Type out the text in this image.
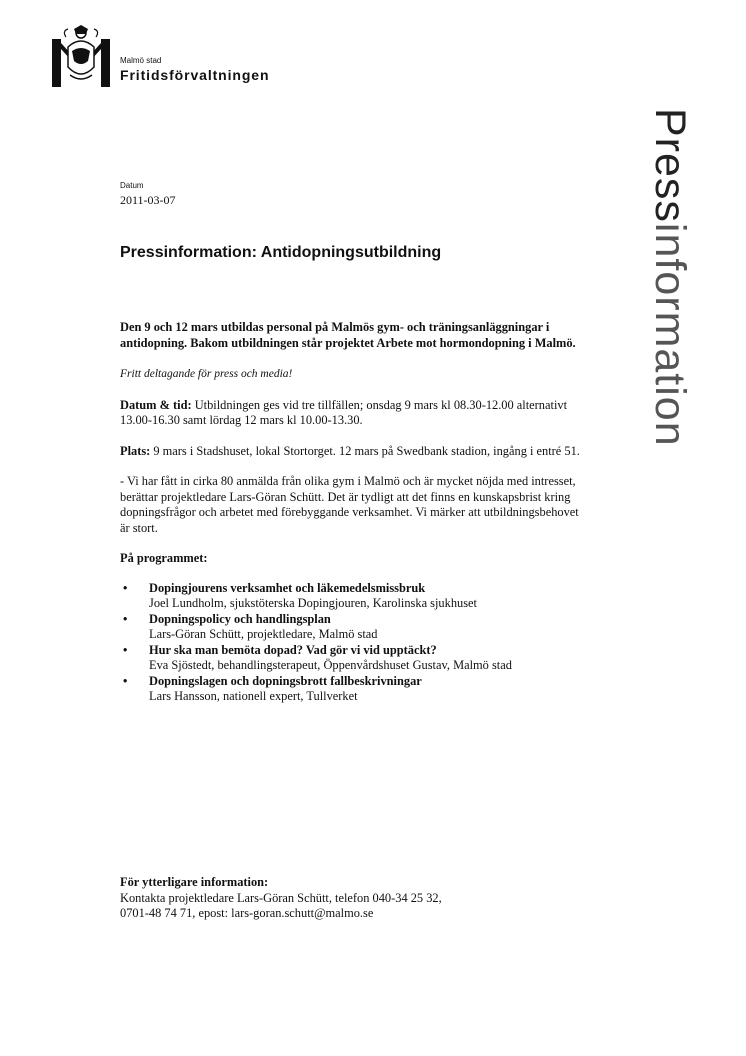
Malmö stad
Fritidsförvaltningen
Pressinformation
Datum
2011-03-07
Pressinformation: Antidopningsutbildning

Den 9 och 12 mars utbildas personal på Malmös gym- och träningsanläggningar i antidopning. Bakom utbildningen står projektet Arbete mot hormondopning i Malmö.

Fritt deltagande för press och media!

Datum & tid: Utbildningen ges vid tre tillfällen; onsdag 9 mars kl 08.30-12.00 alternativt 13.00-16.30 samt lördag 12 mars kl 10.00-13.30.

Plats: 9 mars i Stadshuset, lokal Stortorget. 12 mars på Swedbank stadion, ingång i entré 51.

- Vi har fått in cirka 80 anmälda från olika gym i Malmö och är mycket nöjda med intresset, berättar projektledare Lars-Göran Schütt. Det är tydligt att det finns en kunskapsbrist kring dopningsfrågor och arbetet med förebyggande verksamhet. Vi märker att utbildningsbehovet är stort.

På programmet:

• Dopingjourens verksamhet och läkemedelsmissbruk
Joel Lundholm, sjukstöterska Dopingjouren, Karolinska sjukhuset
• Dopningspolicy och handlingsplan
Lars-Göran Schütt, projektledare, Malmö stad
• Hur ska man bemöta dopad? Vad gör vi vid upptäckt?
Eva Sjöstedt, behandlingsterapeut, Öppenvårdshuset Gustav, Malmö stad
• Dopningslagen och dopningsbrott fallbeskrivningar
Lars Hansson, nationell expert, Tullverket
För ytterligare information:
Kontakta projektledare Lars-Göran Schütt, telefon 040-34 25 32,
0701-48 74 71, epost: lars-goran.schutt@malmo.se
